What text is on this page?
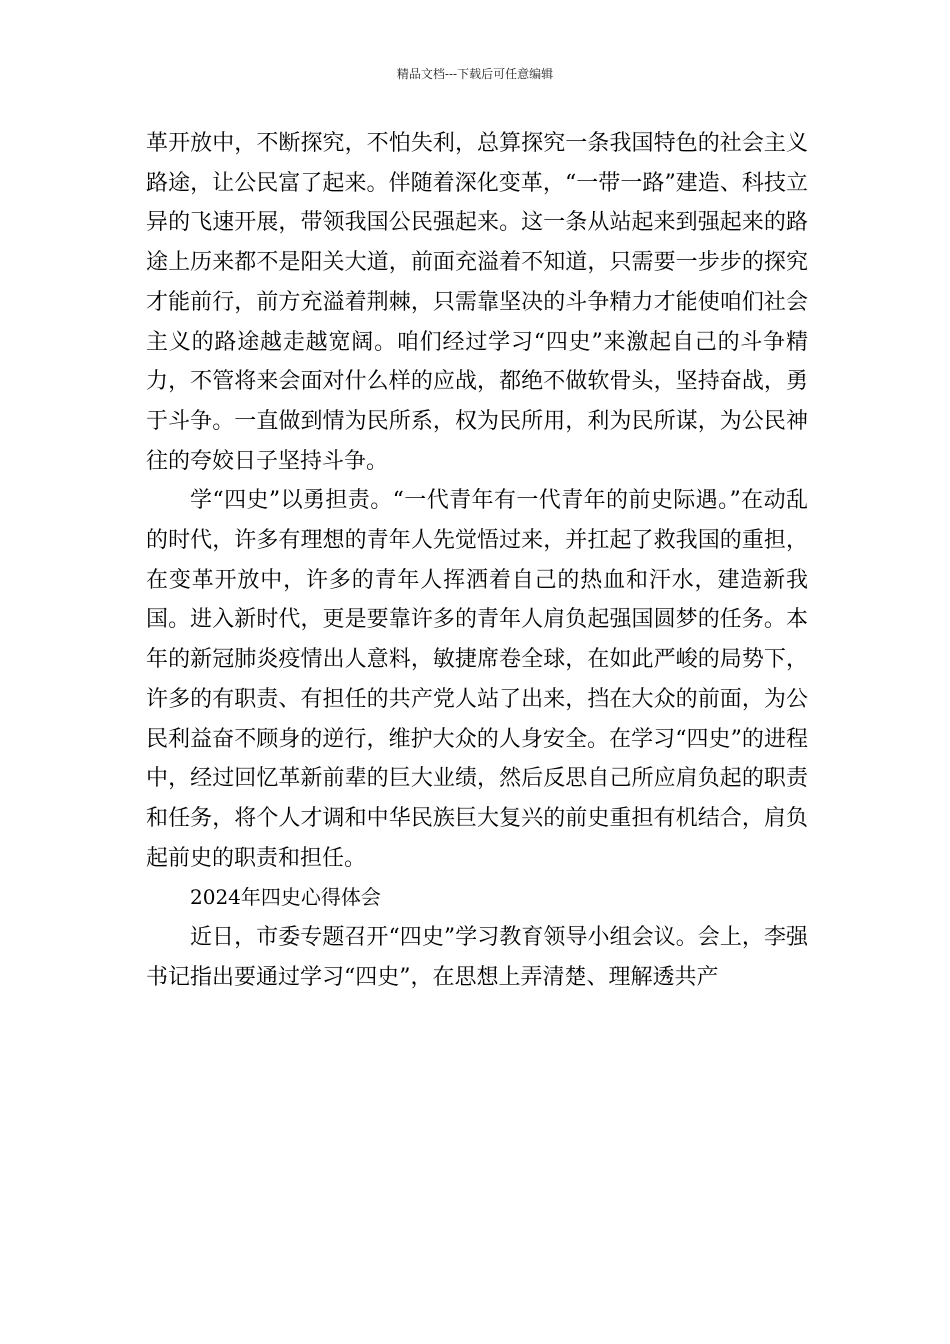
精品文档---下载后可任意编辑

革开放中，不断探究，不怕失利，总算探究一条我国特色的社会主义路途，让公民富了起来。伴随着深化变革，“一带一路”建造、科技立异的飞速开展，带领我国公民强起来。这一条从站起来到强起来的路途上历来都不是阳关大道，前面充溢着不知道，只需要一步步的探究才能前行，前方充溢着荆棘，只需靠坚决的斗争精力才能使咱们社会主义的路途越走越宽阔。咱们经过学习“四史”来激起自己的斗争精力，不管将来会面对什么样的应战，都绝不做软骨头，坚持奋战，勇于斗争。一直做到情为民所系，权为民所用，利为民所谋，为公民神往的夸姣日子坚持斗争。

学“四史”以勇担责。“一代青年有一代青年的前史际遇。”在动乱的时代，许多有理想的青年人先觉悟过来，并扛起了救我国的重担，在变革开放中，许多的青年人挥洒着自己的热血和汗水，建造新我国。进入新时代，更是要靠许多的青年人肩负起强国圆梦的任务。本年的新冠肺炎疫情出人意料，敏捷席卷全球，在如此严峻的局势下，许多的有职责、有担任的共产党人站了出来，挡在大众的前面，为公民利益奋不顾身的逆行，维护大众的人身安全。在学习“四史”的进程中，经过回忆革新前辈的巨大业绩，然后反思自己所应肩负起的职责和任务，将个人才调和中华民族巨大复兴的前史重担有机结合，肩负起前史的职责和担任。

2024年四史心得体会

近日，市委专题召开“四史”学习教育领导小组会议。会上，李强书记指出要通过学习“四史”，在思想上弄清楚、理解透共产
